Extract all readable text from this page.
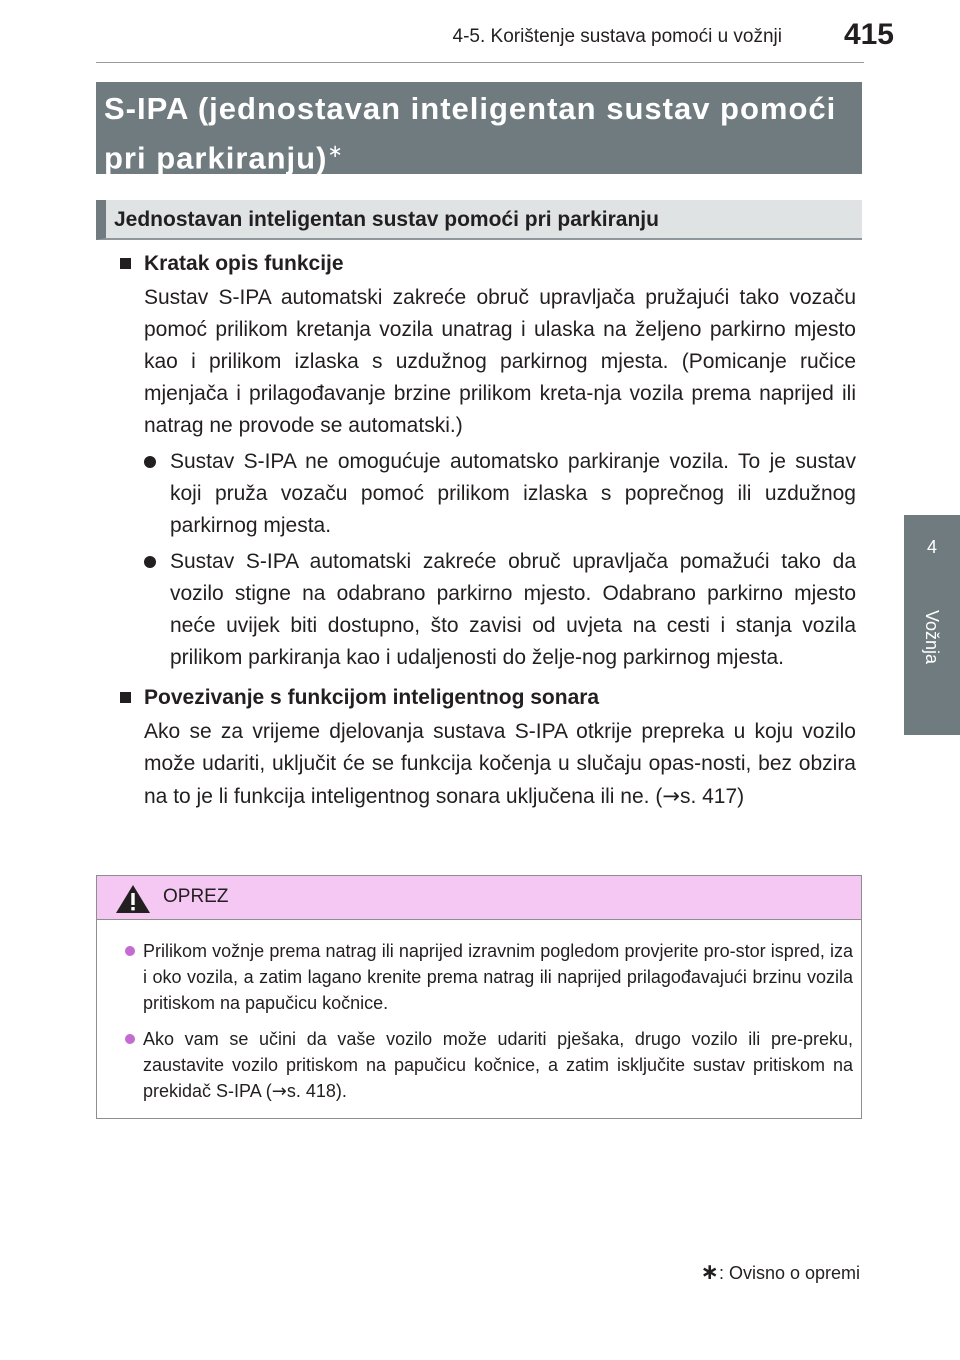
4-5. Korištenje sustava pomoći u vožnji 415
4
Vožnja
S-IPA (jednostavan inteligentan sustav pomoći pri parkiranju)∗
Jednostavan inteligentan sustav pomoći pri parkiranju
Kratak opis funkcije
Sustav S-IPA automatski zakreće obruč upravljača pružajući tako vozaču pomoć prilikom kretanja vozila unatrag i ulaska na željeno parkirno mjesto kao i prilikom izlaska s uzdužnog parkirnog mjesta. (Pomicanje ručice mjenjača i prilagođavanje brzine prilikom kreta-nja vozila prema naprijed ili natrag ne provode se automatski.)
Sustav S-IPA ne omogućuje automatsko parkiranje vozila. To je sustav koji pruža vozaču pomoć prilikom izlaska s poprečnog ili uzdužnog parkirnog mjesta.
Sustav S-IPA automatski zakreće obruč upravljača pomažući tako da vozilo stigne na odabrano parkirno mjesto. Odabrano parkirno mjesto neće uvijek biti dostupno, što zavisi od uvjeta na cesti i stanja vozila prilikom parkiranja kao i udaljenosti do želje-nog parkirnog mjesta.
Povezivanje s funkcijom inteligentnog sonara
Ako se za vrijeme djelovanja sustava S-IPA otkrije prepreka u koju vozilo može udariti, uključit će se funkcija kočenja u slučaju opas-nosti, bez obzira na to je li funkcija inteligentnog sonara uključena ili ne. (→s. 417)
OPREZ
Prilikom vožnje prema natrag ili naprijed izravnim pogledom provjerite pro-stor ispred, iza i oko vozila, a zatim lagano krenite prema natrag ili naprijed prilagođavajući brzinu vozila pritiskom na papučicu kočnice.
Ako vam se učini da vaše vozilo može udariti pješaka, drugo vozilo ili pre-preku, zaustavite vozilo pritiskom na papučicu kočnice, a zatim isključite sustav pritiskom na prekidač S-IPA (→s. 418).
∗: Ovisno o opremi
